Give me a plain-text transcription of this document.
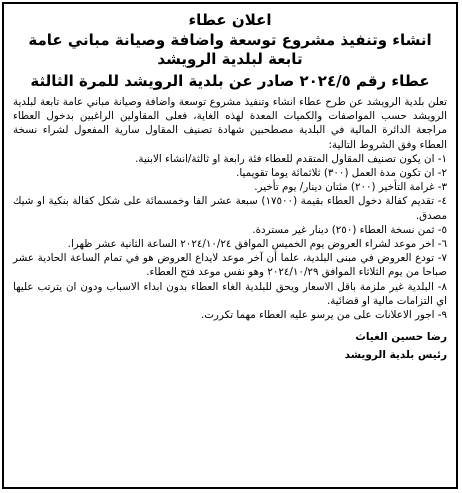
اعلان عطاء
انشاء وتنفيذ مشروع توسعة واضافة وصيانة مباني عامة
تابعة لبلدية الرويشد
عطاء رقم ٢٠٢٤/٥ صادر عن بلدية الرويشد للمرة الثالثة

تعلن بلدية الرويشد عن طرح عطاء انشاء وتنفيذ مشروع توسعة واضافة وصيانة مباني عامة تابعة لبلدية الرويشد حسب المواصفات والكميات المعدة لهذه الغاية، فعلى المقاولين الراغبين بدخول العطاء مراجعة الدائرة المالية في البلدية مصطحبين شهادة تصنيف المقاول سارية المفعول لشراء نسخة العطاء وفق الشروط التالية:

١- ان يكون تصنيف المقاول المتقدم للعطاء فئة رابعة او ثالثة/انشاء الابنية.
٢- ان تكون مدة العمل (٣٠٠) ثلاثمائة يوما تقويميا.
٣- غرامة التأخير (٢٠٠) مئتان دينار/ يوم تأخير.
٤- تقديم كفالة دخول العطاء بقيمة (١٧٥٠٠) سبعة عشر الفا وخمسمائة على شكل كفالة بنكية او شيك مصدق.
٥- ثمن نسخة العطاء (٢٥٠) دينار غير مستردة.
٦- اخر موعد لشراء العروض يوم الخميس الموافق ٢٠٢٤/١٠/٢٤ الساعة الثانية عشر ظهرا.
٧- تودع العروض في مبنى البلدية، علما أن آخر موعد لايداع العروض هو في تمام الساعة الحادية عشر صباحا من يوم الثلاثاء الموافق ٢٠٢٤/١٠/٢٩ وهو نفس موعد فتح العطاء.
٨- البلدية غير ملزمة باقل الاسعار ويحق للبلدية الغاء العطاء بدون ابداء الاسباب ودون ان يترتب عليها اي التزامات مالية او قضائية.
٩- اجور الاعلانات على من يرسو عليه العطاء مهما تكررت.
رضا حسين الغياث
رئيس بلدية الرويشد
